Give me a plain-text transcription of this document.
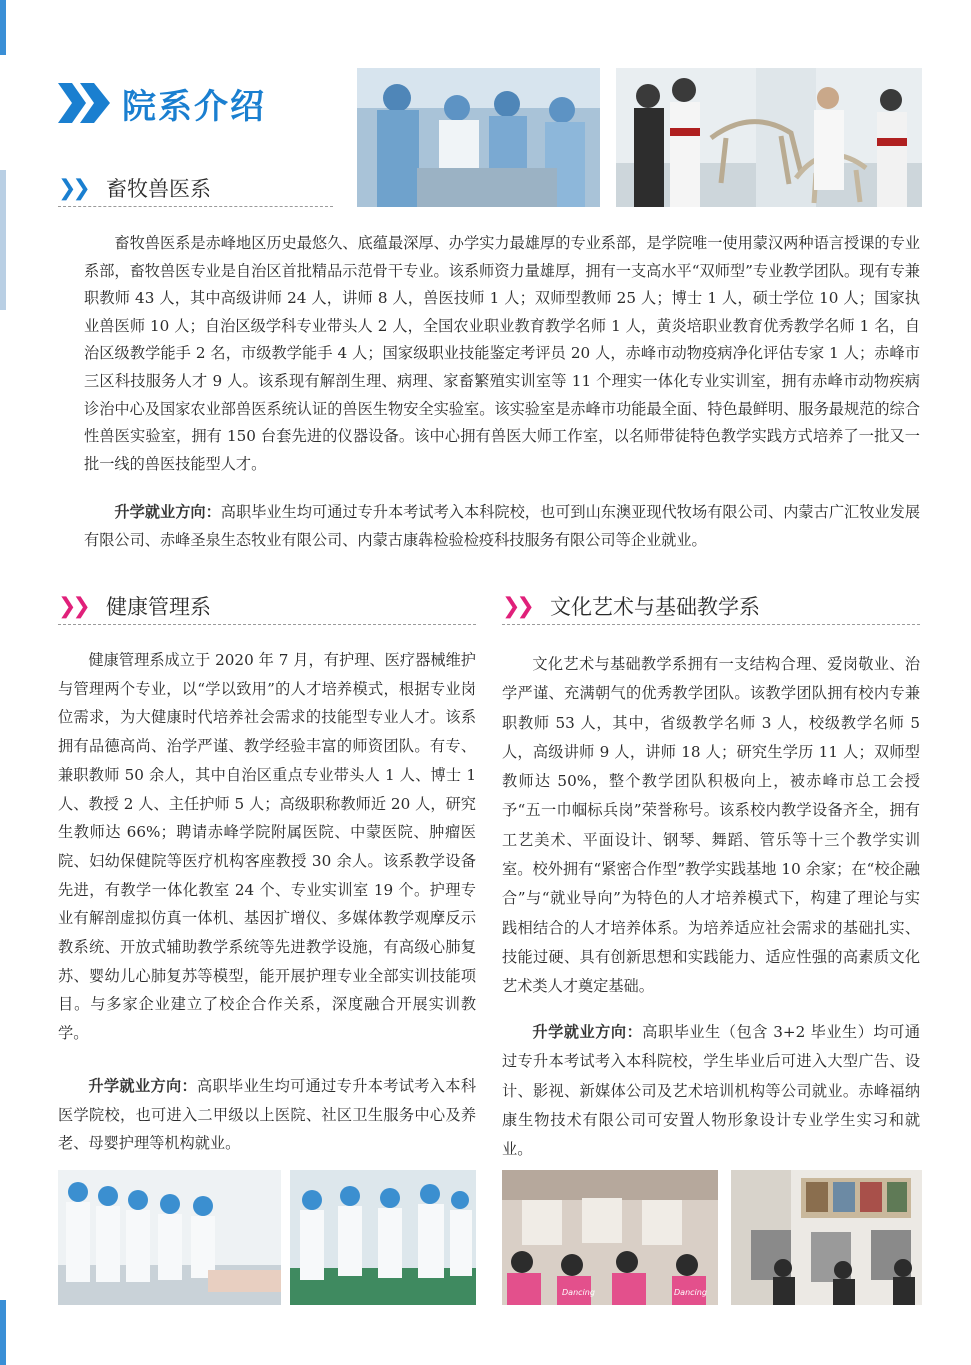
院系介绍
❯❯ 畜牧兽医系

畜牧兽医系是赤峰地区历史最悠久、底蕴最深厚、办学实力最雄厚的专业系部，是学院唯一使用蒙汉两种语言授课的专业系部，畜牧兽医专业是自治区首批精品示范骨干专业。该系师资力量雄厚，拥有一支高水平“双师型”专业教学团队。现有专兼职教师 43 人，其中高级讲师 24 人，讲师 8 人，兽医技师 1 人；双师型教师 25 人；博士 1 人，硕士学位 10 人；国家执业兽医师 10 人；自治区级学科专业带头人 2 人，全国农业职业教育教学名师 1 人，黄炎培职业教育优秀教学名师 1 名，自治区级教学能手 2 名，市级教学能手 4 人；国家级职业技能鉴定考评员 20 人，赤峰市动物疫病净化评估专家 1 人；赤峰市三区科技服务人才 9 人。该系现有解剖生理、病理、家畜繁殖实训室等 11 个理实一体化专业实训室，拥有赤峰市动物疾病诊治中心及国家农业部兽医系统认证的兽医生物安全实验室。该实验室是赤峰市功能最全面、特色最鲜明、服务最规范的综合性兽医实验室，拥有 150 台套先进的仪器设备。该中心拥有兽医大师工作室，以名师带徒特色教学实践方式培养了一批又一批一线的兽医技能型人才。

升学就业方向：高职毕业生均可通过专升本考试考入本科院校，也可到山东澳亚现代牧场有限公司、内蒙古广汇牧业发展有限公司、赤峰圣泉生态牧业有限公司、内蒙古康犇检验检疫科技服务有限公司等企业就业。

❯❯ 健康管理系

健康管理系成立于 2020 年 7 月，有护理、医疗器械维护与管理两个专业，以“学以致用”的人才培养模式，根据专业岗位需求，为大健康时代培养社会需求的技能型专业人才。该系拥有品德高尚、治学严谨、教学经验丰富的师资团队。有专、兼职教师 50 余人，其中自治区重点专业带头人 1 人、博士 1 人、教授 2 人、主任护师 5 人；高级职称教师近 20 人，研究生教师达 66%；聘请赤峰学院附属医院、中蒙医院、肿瘤医院、妇幼保健院等医疗机构客座教授 30 余人。该系教学设备先进，有教学一体化教室 24 个、专业实训室 19 个。护理专业有解剖虚拟仿真一体机、基因扩增仪、多媒体教学观摩反示教系统、开放式辅助教学系统等先进教学设施，有高级心肺复苏、婴幼儿心肺复苏等模型，能开展护理专业全部实训技能项目。与多家企业建立了校企合作关系，深度融合开展实训教学。

升学就业方向：高职毕业生均可通过专升本考试考入本科医学院校，也可进入二甲级以上医院、社区卫生服务中心及养老、母婴护理等机构就业。

❯❯ 文化艺术与基础教学系

文化艺术与基础教学系拥有一支结构合理、爱岗敬业、治学严谨、充满朝气的优秀教学团队。该教学团队拥有校内专兼职教师 53 人，其中，省级教学名师 3 人，校级教学名师 5 人，高级讲师 9 人，讲师 18 人；研究生学历 11 人；双师型教师达 50%，整个教学团队积极向上，被赤峰市总工会授予“五一巾帼标兵岗”荣誉称号。该系校内教学设备齐全，拥有工艺美术、平面设计、钢琴、舞蹈、管乐等十三个教学实训室。校外拥有“紧密合作型”教学实践基地 10 余家；在“校企融合”与“就业导向”为特色的人才培养模式下，构建了理论与实践相结合的人才培养体系。为培养适应社会需求的基础扎实、技能过硬、具有创新思想和实践能力、适应性强的高素质文化艺术类人才奠定基础。

升学就业方向：高职毕业生（包含 3+2 毕业生）均可通过专升本考试考入本科院校，学生毕业后可进入大型广告、设计、影视、新媒体公司及艺术培训机构等公司就业。赤峰福纳康生物技术有限公司可安置人物形象设计专业学生实习和就业。

Dancing	Dancing
